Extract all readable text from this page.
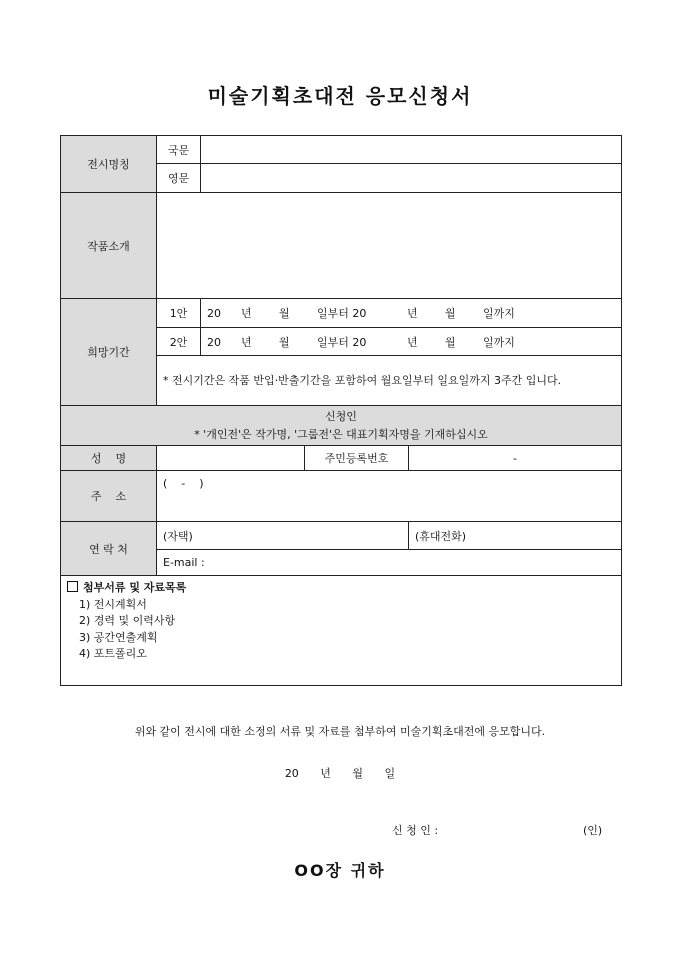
미술기획초대전 응모신청서
전시명칭	국문			
	영문			
작품소개				
희망기간	1안	20 년 월 일부터 20 년 월 일까지		
	2안	20 년 월 일부터 20 년 월 일까지		
	* 전시기간은 작품 반입·반출기간을 포함하여 월요일부터 일요일까지 3주간 입니다.			

신청인
* '개인전'은 작가명, '그룹전'은 대표기획자명을 기재하십시오				

성    명			주민등록번호	-
주    소	(    -    )			
연 락 처	(자택)			(휴대전화)
	E-mail :			

첨부서류 및 자료목록
1) 전시계획서
2) 경력 및 이력사항
3) 공간연출계획
4) 포트폴리오				
위와 같이 전시에 대한 소정의 서류 및 자료를 첨부하여 미술기획초대전에 응모합니다.
20 년 월 일
신 청 인 :	(인)
OO장 귀하
